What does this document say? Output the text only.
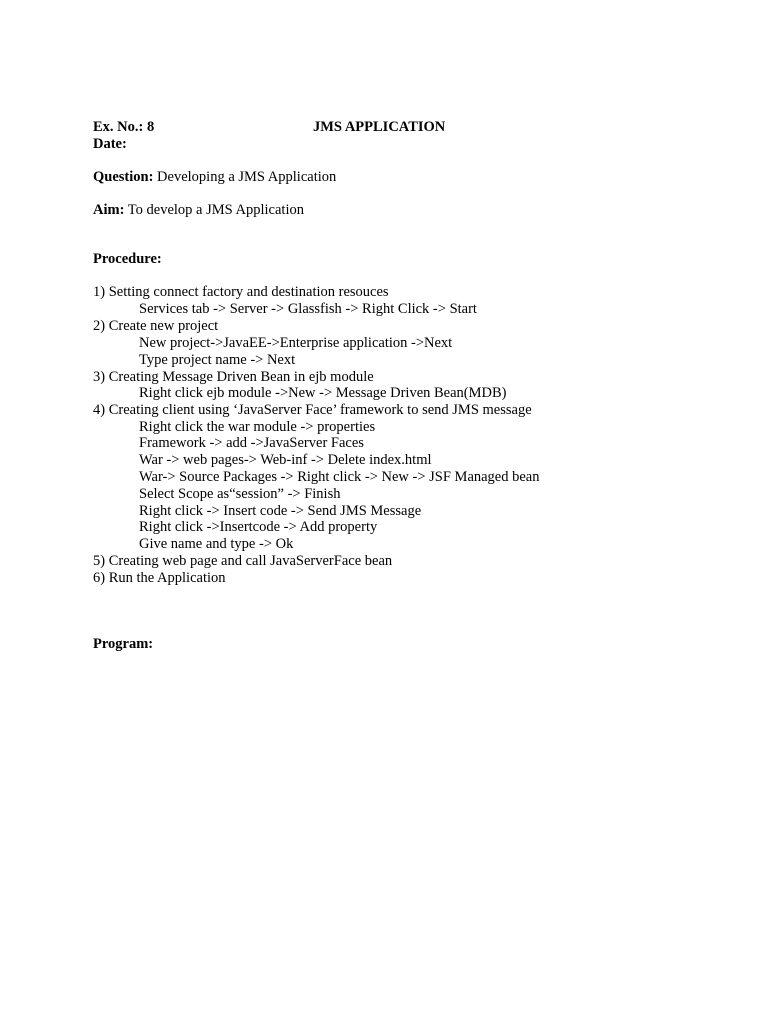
Ex. No.: 8	JMS APPLICATION
Date:
Question: Developing a JMS Application
Aim: To develop a JMS Application
Procedure:
1) Setting connect factory and destination resouces
Services tab -> Server -> Glassfish -> Right Click -> Start
2) Create new project
New project->JavaEE->Enterprise application ->Next
Type project name -> Next
3) Creating Message Driven Bean in ejb module
Right click ejb module ->New -> Message Driven Bean(MDB)
4) Creating client using ‘JavaServer Face’ framework to send JMS message
Right click the war module -> properties
Framework -> add ->JavaServer Faces
War -> web pages-> Web-inf -> Delete index.html
War-> Source Packages -> Right click -> New -> JSF Managed bean
Select Scope as“session” -> Finish
Right click -> Insert code -> Send JMS Message
Right click ->Insertcode -> Add property
Give name and type -> Ok
5) Creating web page and call JavaServerFace bean
6) Run the Application
Program:
